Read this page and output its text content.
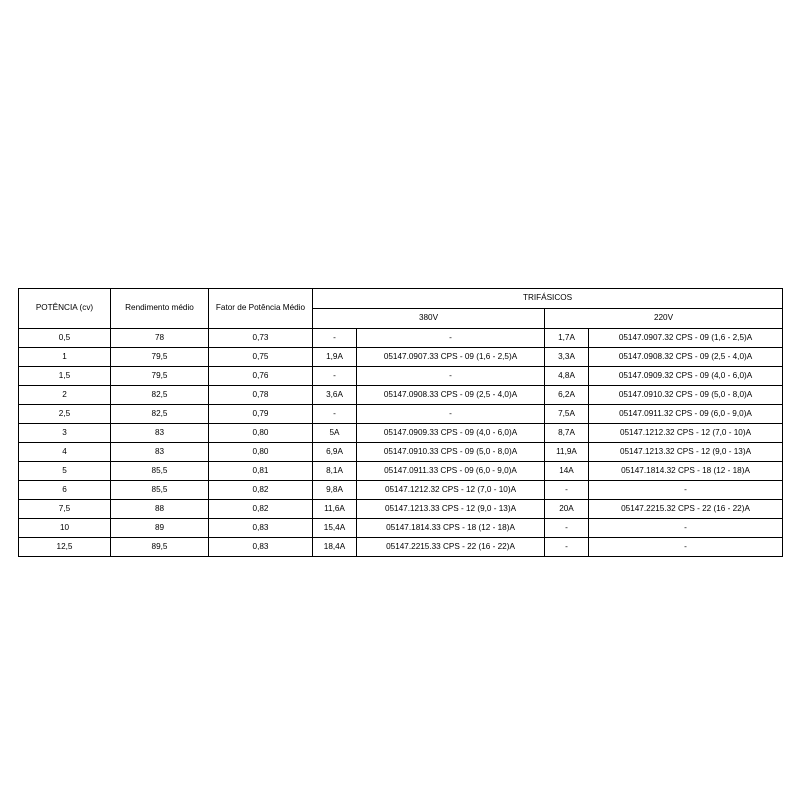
POTÊNCIA (cv)	Rendimento médio	Fator de Potência Médio	TRIFÁSICOS			
			380V		220V	
0,5	78	0,73	-	-	1,7A	05147.0907.32 CPS - 09 (1,6 - 2,5)A
1	79,5	0,75	1,9A	05147.0907.33 CPS - 09 (1,6 - 2,5)A	3,3A	05147.0908.32 CPS - 09 (2,5 - 4,0)A
1,5	79,5	0,76	-	-	4,8A	05147.0909.32 CPS - 09 (4,0 - 6,0)A
2	82,5	0,78	3,6A	05147.0908.33 CPS - 09 (2,5 - 4,0)A	6,2A	05147.0910.32 CPS - 09 (5,0 - 8,0)A
2,5	82,5	0,79	-	-	7,5A	05147.0911.32 CPS - 09 (6,0 - 9,0)A
3	83	0,80	5A	05147.0909.33 CPS - 09 (4,0 - 6,0)A	8,7A	05147.1212.32 CPS - 12 (7,0 - 10)A
4	83	0,80	6,9A	05147.0910.33 CPS - 09 (5,0 - 8,0)A	11,9A	05147.1213.32 CPS - 12 (9,0 - 13)A
5	85,5	0,81	8,1A	05147.0911.33 CPS - 09 (6,0 - 9,0)A	14A	05147.1814.32 CPS - 18 (12 - 18)A
6	85,5	0,82	9,8A	05147.1212.32 CPS - 12 (7,0 - 10)A	-	-
7,5	88	0,82	11,6A	05147.1213.33 CPS - 12 (9,0 - 13)A	20A	05147.2215.32 CPS - 22 (16 - 22)A
10	89	0,83	15,4A	05147.1814.33 CPS - 18 (12 - 18)A	-	-
12,5	89,5	0,83	18,4A	05147.2215.33 CPS - 22 (16 - 22)A	-	-
